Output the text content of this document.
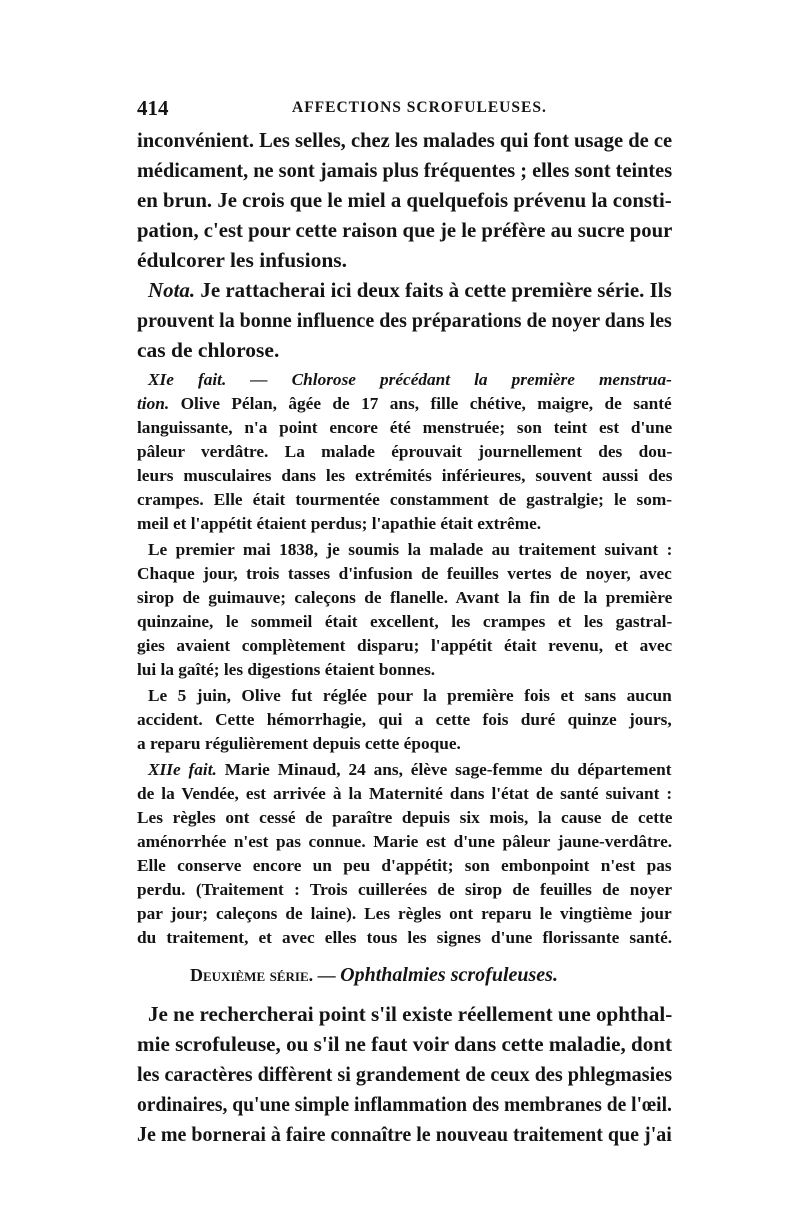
414	AFFECTIONS SCROFULEUSES.
inconvénient. Les selles, chez les malades qui font usage de ce
médicament, ne sont jamais plus fréquentes ; elles sont teintes
en brun. Je crois que le miel a quelquefois prévenu la consti-
pation, c'est pour cette raison que je le préfère au sucre pour
édulcorer les infusions.
Nota. Je rattacherai ici deux faits à cette première série. Ils
prouvent la bonne influence des préparations de noyer dans les
cas de chlorose.
XIe fait. — Chlorose précédant la première menstrua-
tion. Olive Pélan, âgée de 17 ans, fille chétive, maigre, de santé
languissante, n'a point encore été menstruée; son teint est d'une
pâleur verdâtre. La malade éprouvait journellement des dou-
leurs musculaires dans les extrémités inférieures, souvent aussi des
crampes. Elle était tourmentée constamment de gastralgie; le som-
meil et l'appétit étaient perdus; l'apathie était extrême.
Le premier mai 1838, je soumis la malade au traitement suivant :
Chaque jour, trois tasses d'infusion de feuilles vertes de noyer, avec
sirop de guimauve; caleçons de flanelle. Avant la fin de la première
quinzaine, le sommeil était excellent, les crampes et les gastral-
gies avaient complètement disparu; l'appétit était revenu, et avec
lui la gaîté; les digestions étaient bonnes.
Le 5 juin, Olive fut réglée pour la première fois et sans aucun
accident. Cette hémorrhagie, qui a cette fois duré quinze jours,
a reparu régulièrement depuis cette époque.
XIIe fait. Marie Minaud, 24 ans, élève sage-femme du département
de la Vendée, est arrivée à la Maternité dans l'état de santé suivant :
Les règles ont cessé de paraître depuis six mois, la cause de cette
aménorrhée n'est pas connue. Marie est d'une pâleur jaune-verdâtre.
Elle conserve encore un peu d'appétit; son embonpoint n'est pas
perdu. (Traitement : Trois cuillerées de sirop de feuilles de noyer
par jour; caleçons de laine). Les règles ont reparu le vingtième jour
du traitement, et avec elles tous les signes d'une florissante santé.
Deuxième série. — Ophthalmies scrofuleuses.
Je ne rechercherai point s'il existe réellement une ophthal-
mie scrofuleuse, ou s'il ne faut voir dans cette maladie, dont
les caractères diffèrent si grandement de ceux des phlegmasies
ordinaires, qu'une simple inflammation des membranes de l'œil.
Je me bornerai à faire connaître le nouveau traitement que j'ai
